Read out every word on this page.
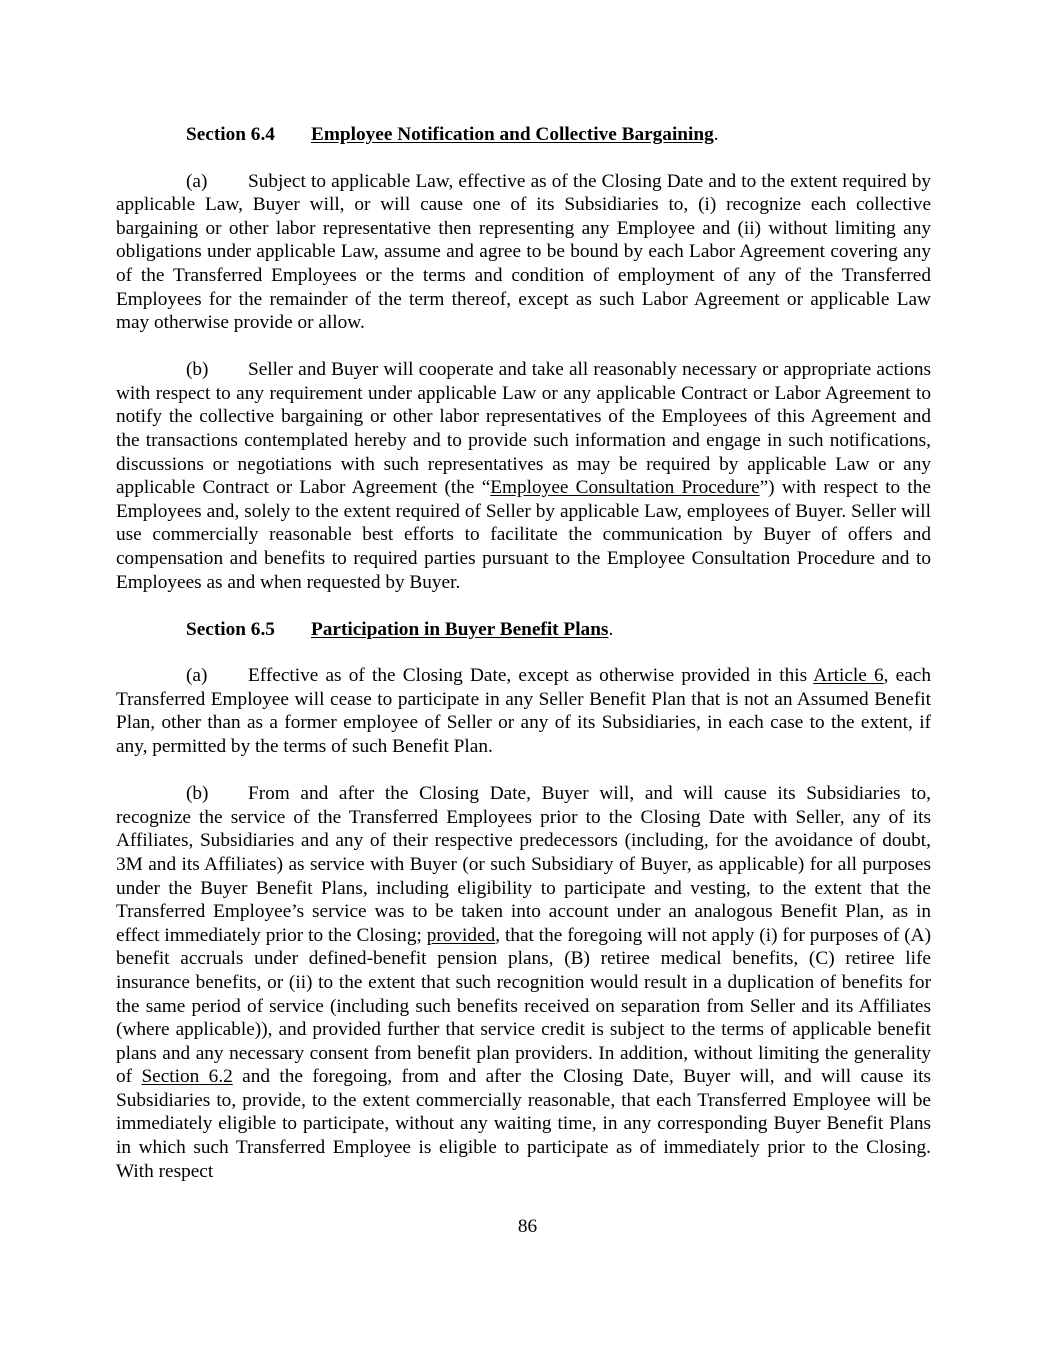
Section 6.4 Employee Notification and Collective Bargaining.

(a) Subject to applicable Law, effective as of the Closing Date and to the extent required by applicable Law, Buyer will, or will cause one of its Subsidiaries to, (i) recognize each collective bargaining or other labor representative then representing any Employee and (ii) without limiting any obligations under applicable Law, assume and agree to be bound by each Labor Agreement covering any of the Transferred Employees or the terms and condition of employment of any of the Transferred Employees for the remainder of the term thereof, except as such Labor Agreement or applicable Law may otherwise provide or allow.

(b) Seller and Buyer will cooperate and take all reasonably necessary or appropriate actions with respect to any requirement under applicable Law or any applicable Contract or Labor Agreement to notify the collective bargaining or other labor representatives of the Employees of this Agreement and the transactions contemplated hereby and to provide such information and engage in such notifications, discussions or negotiations with such representatives as may be required by applicable Law or any applicable Contract or Labor Agreement (the “Employee Consultation Procedure”) with respect to the Employees and, solely to the extent required of Seller by applicable Law, employees of Buyer. Seller will use commercially reasonable best efforts to facilitate the communication by Buyer of offers and compensation and benefits to required parties pursuant to the Employee Consultation Procedure and to Employees as and when requested by Buyer.

Section 6.5 Participation in Buyer Benefit Plans.

(a) Effective as of the Closing Date, except as otherwise provided in this Article 6, each Transferred Employee will cease to participate in any Seller Benefit Plan that is not an Assumed Benefit Plan, other than as a former employee of Seller or any of its Subsidiaries, in each case to the extent, if any, permitted by the terms of such Benefit Plan.

(b) From and after the Closing Date, Buyer will, and will cause its Subsidiaries to, recognize the service of the Transferred Employees prior to the Closing Date with Seller, any of its Affiliates, Subsidiaries and any of their respective predecessors (including, for the avoidance of doubt, 3M and its Affiliates) as service with Buyer (or such Subsidiary of Buyer, as applicable) for all purposes under the Buyer Benefit Plans, including eligibility to participate and vesting, to the extent that the Transferred Employee’s service was to be taken into account under an analogous Benefit Plan, as in effect immediately prior to the Closing; provided, that the foregoing will not apply (i) for purposes of (A) benefit accruals under defined-benefit pension plans, (B) retiree medical benefits, (C) retiree life insurance benefits, or (ii) to the extent that such recognition would result in a duplication of benefits for the same period of service (including such benefits received on separation from Seller and its Affiliates (where applicable)), and provided further that service credit is subject to the terms of applicable benefit plans and any necessary consent from benefit plan providers. In addition, without limiting the generality of Section 6.2 and the foregoing, from and after the Closing Date, Buyer will, and will cause its Subsidiaries to, provide, to the extent commercially reasonable, that each Transferred Employee will be immediately eligible to participate, without any waiting time, in any corresponding Buyer Benefit Plans in which such Transferred Employee is eligible to participate as of immediately prior to the Closing. With respect

86
